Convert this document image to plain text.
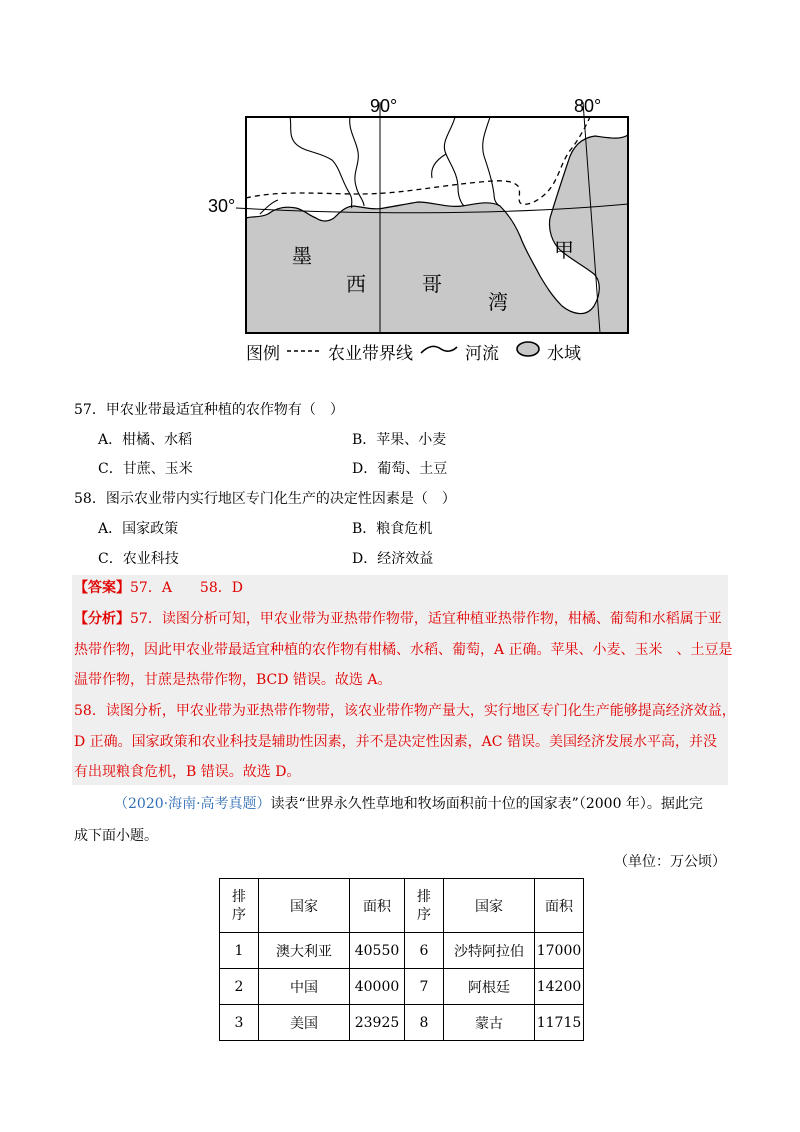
90°	80°
30°
墨
西	哥
湾
甲
图例	农业带界线	河流	水域
57．甲农业带最适宜种植的农作物有（　）
A．柑橘、水稻	B．苹果、小麦
C．甘蔗、玉米	D．葡萄、土豆
58．图示农业带内实行地区专门化生产的决定性因素是（　）
A．国家政策	B．粮食危机
C．农业科技	D．经济效益
【答案】57．A　　58．D
【分析】57．读图分析可知，甲农业带为亚热带作物带，适宜种植亚热带作物，柑橘、葡萄和水稻属于亚
热带作物，因此甲农业带最适宜种植的农作物有柑橘、水稻、葡萄，A 正确。苹果、小麦、玉米　、土豆是
温带作物，甘蔗是热带作物，BCD 错误。故选 A。
58．读图分析，甲农业带为亚热带作物带，该农业带作物产量大，实行地区专门化生产能够提高经济效益，
D 正确。国家政策和农业科技是辅助性因素，并不是决定性因素，AC 错误。美国经济发展水平高，并没
有出现粮食危机，B 错误。故选 D。
（2020·海南·高考真题）读表“世界永久性草地和牧场面积前十位的国家表”（2000 年）。据此完
成下面小题。
（单位：万公顷）
排序	国家	面积	排序	国家	面积
1	澳大利亚	40550	6	沙特阿拉伯	17000
2	中国	40000	7	阿根廷	14200
3	美国	23925	8	蒙古	11715
